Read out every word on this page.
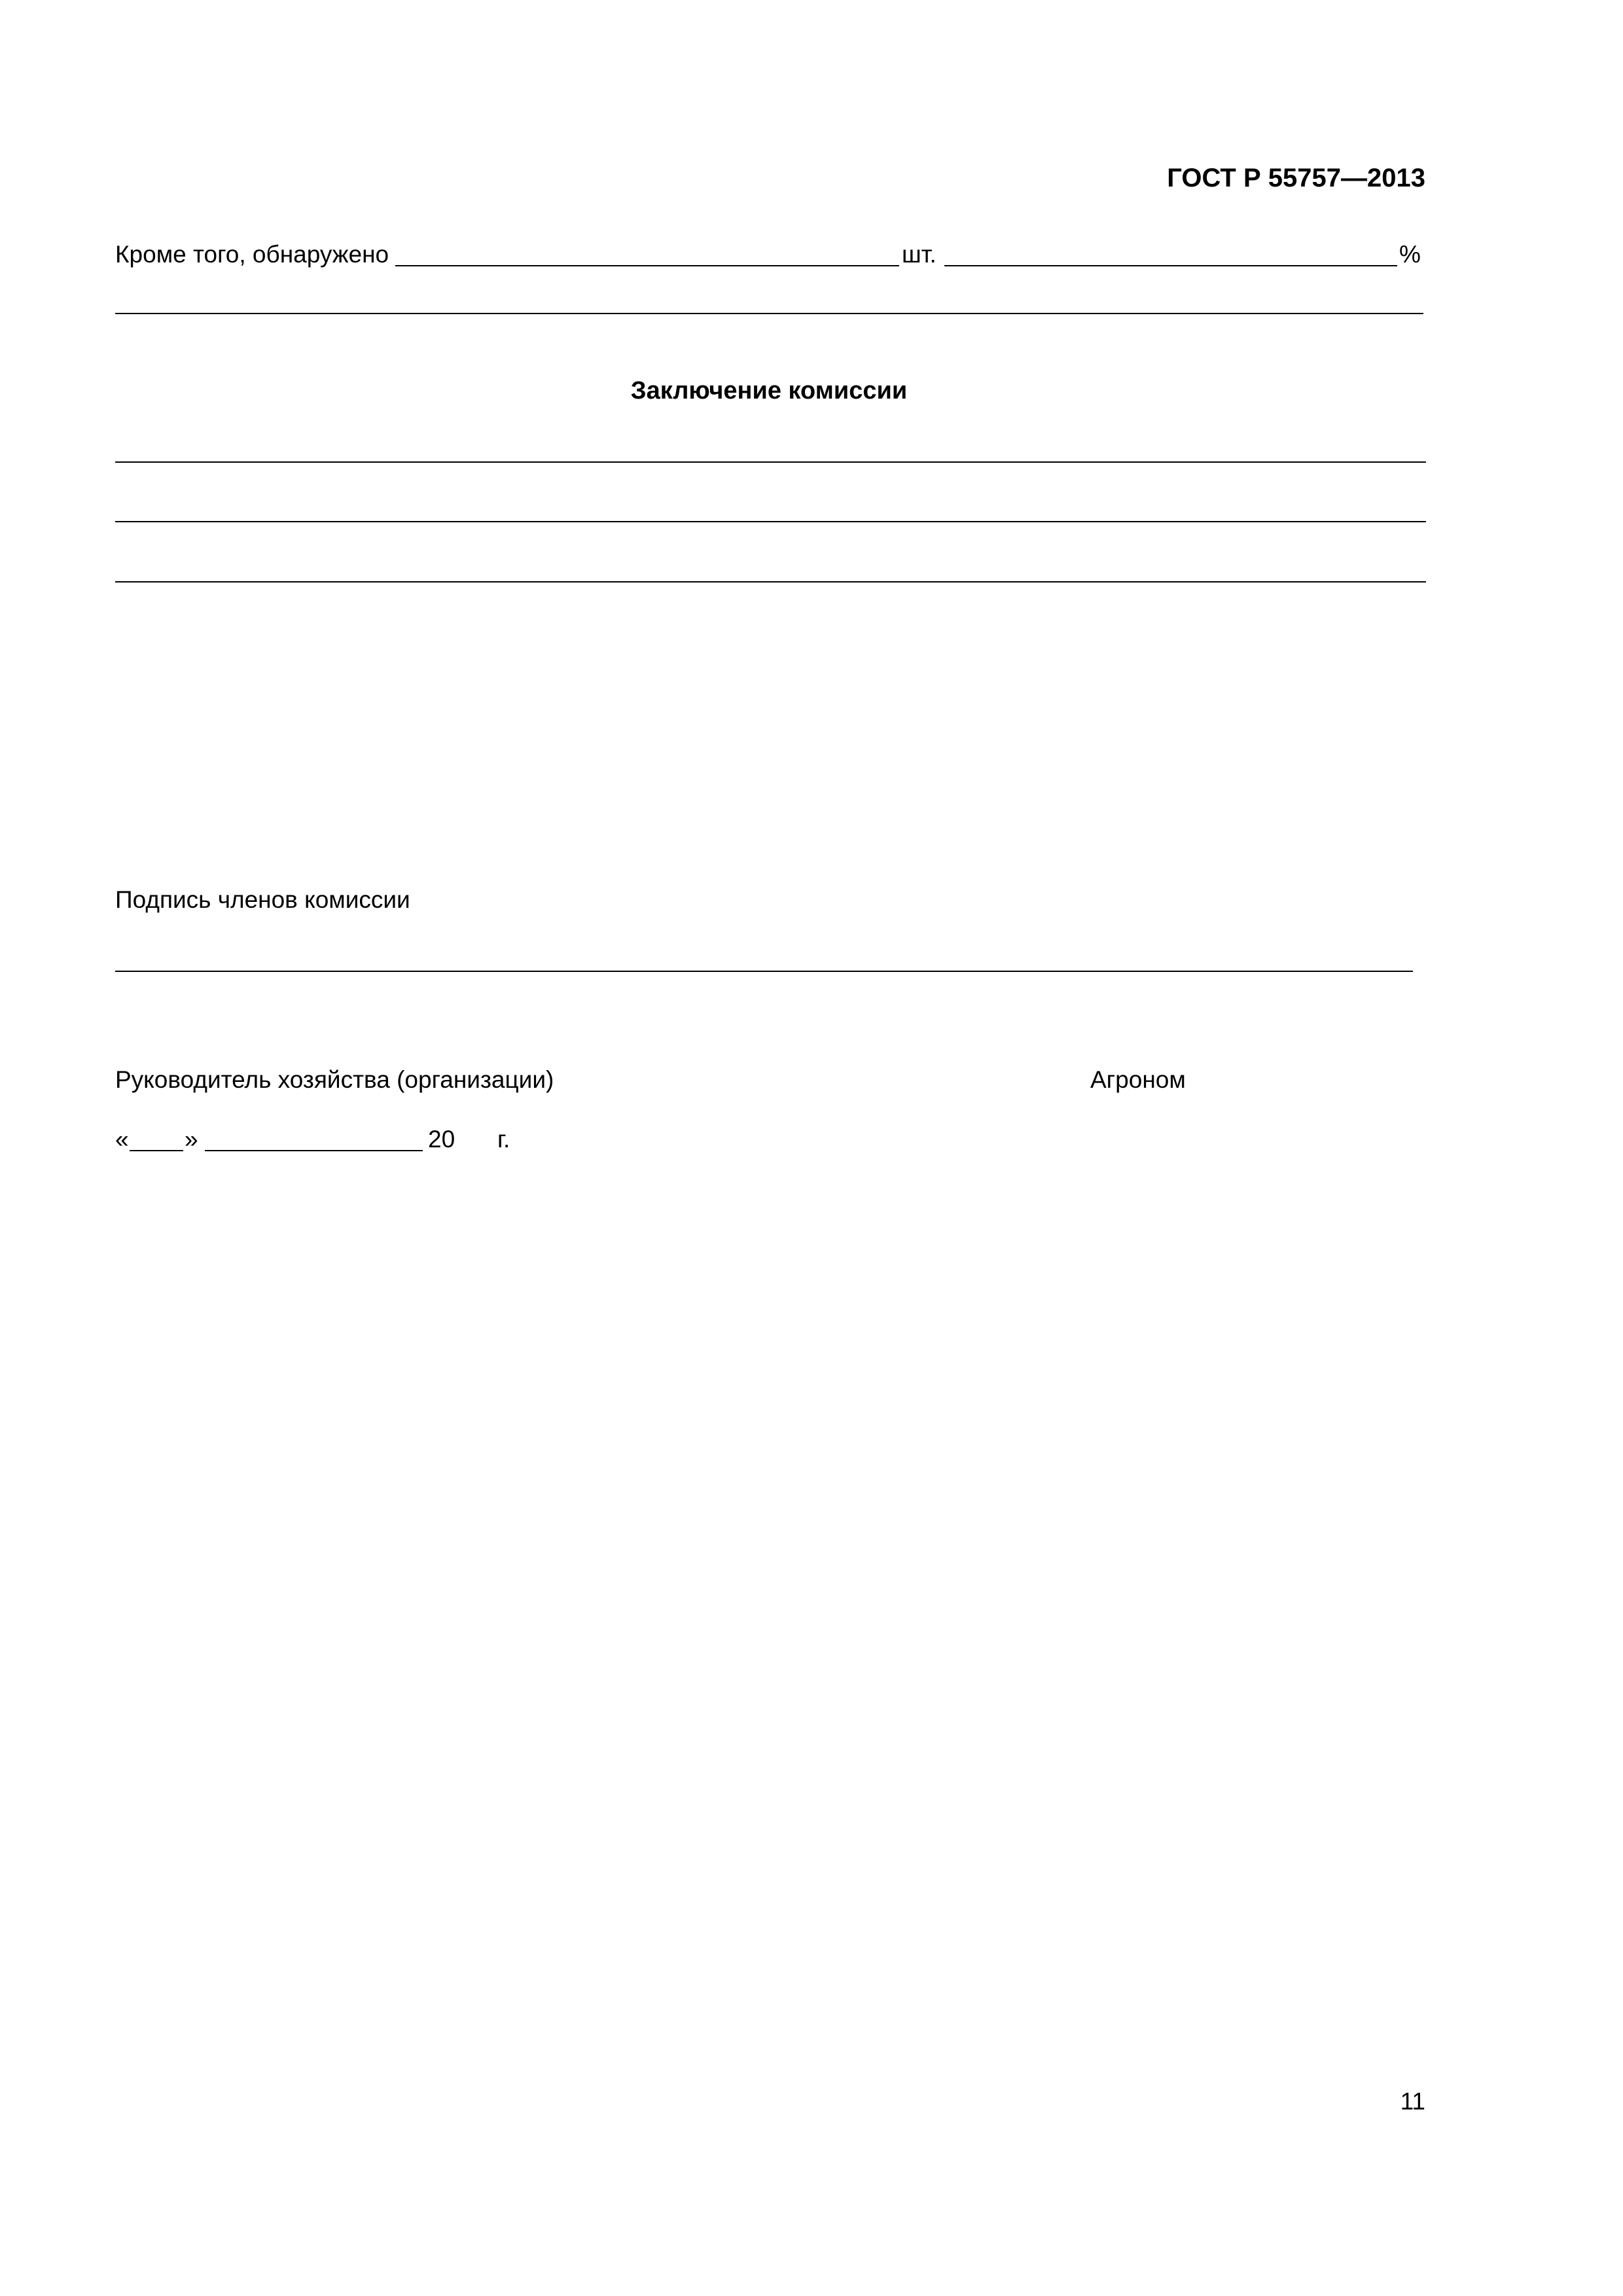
ГОСТ Р 55757—2013
Кроме того, обнаружено	шт.	%
Заключение комиссии
Подпись членов комиссии
Руководитель хозяйства (организации)	Агроном
« »	20 г.
11
